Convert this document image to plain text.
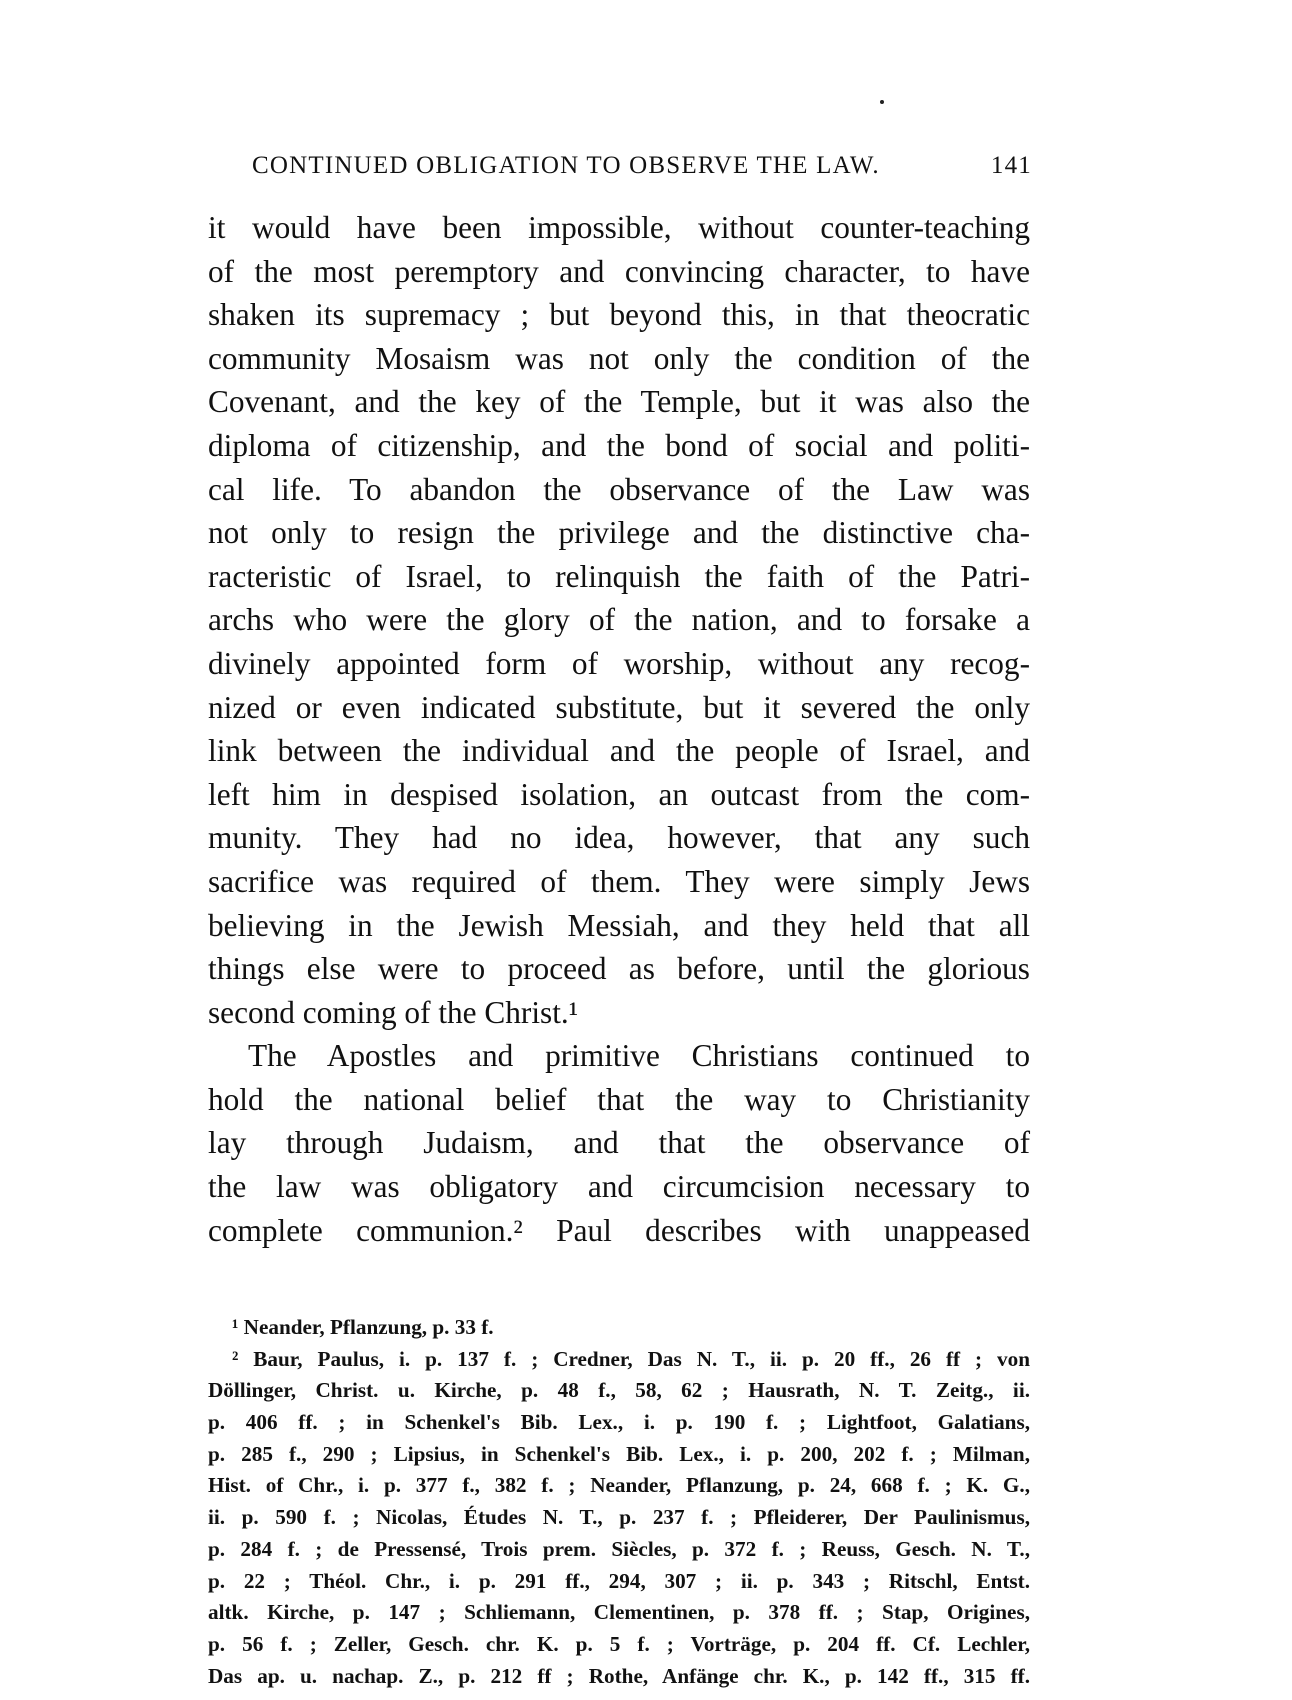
CONTINUED OBLIGATION TO OBSERVE THE LAW.	141
it would have been impossible, without counter-teaching
of the most peremptory and convincing character, to have
shaken its supremacy ; but beyond this, in that theocratic
community Mosaism was not only the condition of the
Covenant, and the key of the Temple, but it was also the
diploma of citizenship, and the bond of social and politi-
cal life. To abandon the observance of the Law was
not only to resign the privilege and the distinctive cha-
racteristic of Israel, to relinquish the faith of the Patri-
archs who were the glory of the nation, and to forsake a
divinely appointed form of worship, without any recog-
nized or even indicated substitute, but it severed the only
link between the individual and the people of Israel, and
left him in despised isolation, an outcast from the com-
munity. They had no idea, however, that any such
sacrifice was required of them. They were simply Jews
believing in the Jewish Messiah, and they held that all
things else were to proceed as before, until the glorious
second coming of the Christ.¹
The Apostles and primitive Christians continued to
hold the national belief that the way to Christianity
lay through Judaism, and that the observance of
the law was obligatory and circumcision necessary to
complete communion.² Paul describes with unappeased
¹ Neander, Pflanzung, p. 33 f.
² Baur, Paulus, i. p. 137 f. ; Credner, Das N. T., ii. p. 20 ff., 26 ff ; von
Döllinger, Christ. u. Kirche, p. 48 f., 58, 62 ; Hausrath, N. T. Zeitg., ii.
p. 406 ff. ; in Schenkel's Bib. Lex., i. p. 190 f. ; Lightfoot, Galatians,
p. 285 f., 290 ; Lipsius, in Schenkel's Bib. Lex., i. p. 200, 202 f. ; Milman,
Hist. of Chr., i. p. 377 f., 382 f. ; Neander, Pflanzung, p. 24, 668 f. ; K. G.,
ii. p. 590 f. ; Nicolas, Études N. T., p. 237 f. ; Pfleiderer, Der Paulinismus,
p. 284 f. ; de Pressensé, Trois prem. Siècles, p. 372 f. ; Reuss, Gesch. N. T.,
p. 22 ; Théol. Chr., i. p. 291 ff., 294, 307 ; ii. p. 343 ; Ritschl, Entst.
altk. Kirche, p. 147 ; Schliemann, Clementinen, p. 378 ff. ; Stap, Origines,
p. 56 f. ; Zeller, Gesch. chr. K. p. 5 f. ; Vorträge, p. 204 ff. Cf. Lechler,
Das ap. u. nachap. Z., p. 212 ff ; Rothe, Anfänge chr. K., p. 142 ff., 315 ff.
